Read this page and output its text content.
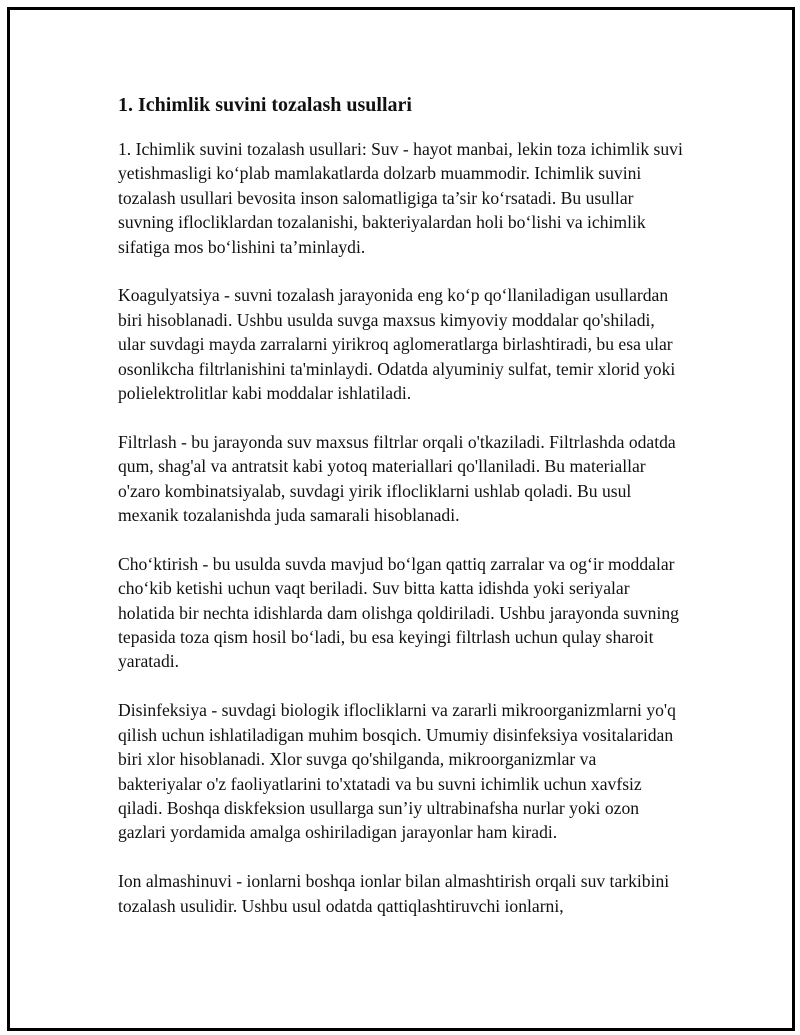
1. Ichimlik suvini tozalash usullari

1. Ichimlik suvini tozalash usullari: Suv - hayot manbai, lekin toza ichimlik suvi yetishmasligi ko‘plab mamlakatlarda dolzarb muammodir. Ichimlik suvini tozalash usullari bevosita inson salomatligiga ta’sir ko‘rsatadi. Bu usullar suvning ifloсliklardan tozalanishi, bakteriyalardan holi bo‘lishi va ichimlik sifatiga mos bo‘lishini ta’minlaydi.

Koagulyatsiya - suvni tozalash jarayonida eng ko‘p qo‘llaniladigan usullardan biri hisoblanadi. Ushbu usulda suvga maxsus kimyoviy moddalar qo'shiladi, ular suvdagi mayda zarralarni yirikroq aglomeratlarga birlashtiradi, bu esa ular osonlikcha filtrlanishini ta'minlaydi. Odatda alyuminiy sulfat, temir xlorid yoki polielektrolitlar kabi moddalar ishlatiladi.

Filtrlash - bu jarayonda suv maxsus filtrlar orqali o'tkaziladi. Filtrlashda odatda qum, shag'al va antratsit kabi yotoq materiallari qo'llaniladi. Bu materiallar o'zaro kombinatsiyalab, suvdagi yirik ifloсliklarni ushlab qoladi. Bu usul mexanik tozalanishda juda samarali hisoblanadi.

Cho‘ktirish - bu usulda suvda mavjud bo‘lgan qattiq zarralar va og‘ir moddalar cho‘kib ketishi uchun vaqt beriladi. Suv bitta katta idishda yoki seriyalar holatida bir nechta idishlarda dam olishga qoldiriladi. Ushbu jarayonda suvning tepasida toza qism hosil bo‘ladi, bu esa keyingi filtrlash uchun qulay sharoit yaratadi.

Disinfeksiya - suvdagi biologik ifloсliklarni va zararli mikroorganizmlarni yo'q qilish uchun ishlatiladigan muhim bosqich. Umumiy disinfeksiya vositalaridan biri xlor hisoblanadi. Xlor suvga qo'shilganda, mikroorganizmlar va bakteriyalar o'z faoliyatlarini to'xtatadi va bu suvni ichimlik uchun xavfsiz qiladi. Boshqa diskfeksion usullarga sun’iy ultrabinafsha nurlar yoki ozon gazlari yordamida amalga oshiriladigan jarayonlar ham kiradi.

Ion almashinuvi - ionlarni boshqa ionlar bilan almashtirish orqali suv tarkibini tozalash usulidir. Ushbu usul odatda qattiqlashtiruvchi ionlarni,
